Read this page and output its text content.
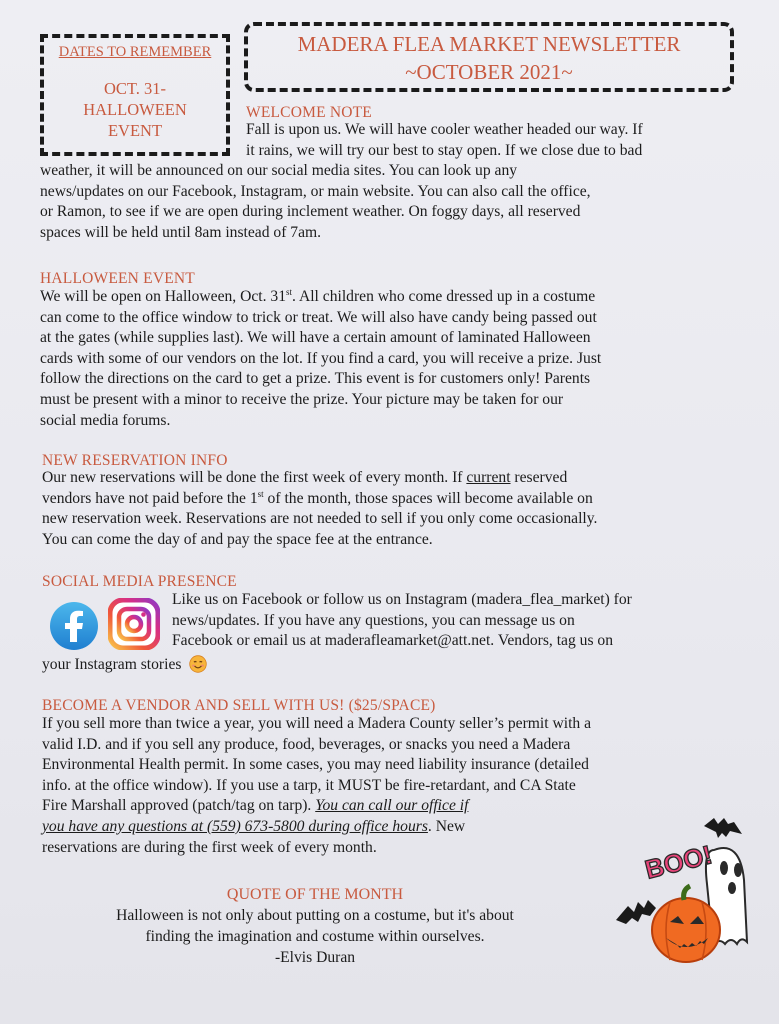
DATES TO REMEMBER
OCT. 31-
HALLOWEEN
EVENT
MADERA FLEA MARKET NEWSLETTER
~OCTOBER 2021~
WELCOME NOTE
Fall is upon us. We will have cooler weather headed our way. If
it rains, we will try our best to stay open. If we close due to bad
weather, it will be announced on our social media sites. You can look up any
news/updates on our Facebook, Instagram, or main website. You can also call the office,
or Ramon, to see if we are open during inclement weather. On foggy days, all reserved
spaces will be held until 8am instead of 7am.
HALLOWEEN EVENT
We will be open on Halloween, Oct. 31st. All children who come dressed up in a costume
can come to the office window to trick or treat. We will also have candy being passed out
at the gates (while supplies last). We will have a certain amount of laminated Halloween
cards with some of our vendors on the lot. If you find a card, you will receive a prize. Just
follow the directions on the card to get a prize. This event is for customers only! Parents
must be present with a minor to receive the prize. Your picture may be taken for our
social media forums.
NEW RESERVATION INFO
Our new reservations will be done the first week of every month. If current reserved
vendors have not paid before the 1st of the month, those spaces will become available on
new reservation week. Reservations are not needed to sell if you only come occasionally.
You can come the day of and pay the space fee at the entrance.
SOCIAL MEDIA PRESENCE
Like us on Facebook or follow us on Instagram (madera_flea_market) for
news/updates. If you have any questions, you can message us on
Facebook or email us at maderafleamarket@att.net. Vendors, tag us on
your Instagram stories
BECOME A VENDOR AND SELL WITH US! ($25/SPACE)
If you sell more than twice a year, you will need a Madera County seller’s permit with a
valid I.D. and if you sell any produce, food, beverages, or snacks you need a Madera
Environmental Health permit. In some cases, you may need liability insurance (detailed
info. at the office window). If you use a tarp, it MUST be fire-retardant, and CA State
Fire Marshall approved (patch/tag on tarp). You can call our office if
you have any questions at (559) 673-5800 during office hours. New
reservations are during the first week of every month.
QUOTE OF THE MONTH
Halloween is not only about putting on a costume, but it's about
finding the imagination and costume within ourselves.
-Elvis Duran
BOO!
